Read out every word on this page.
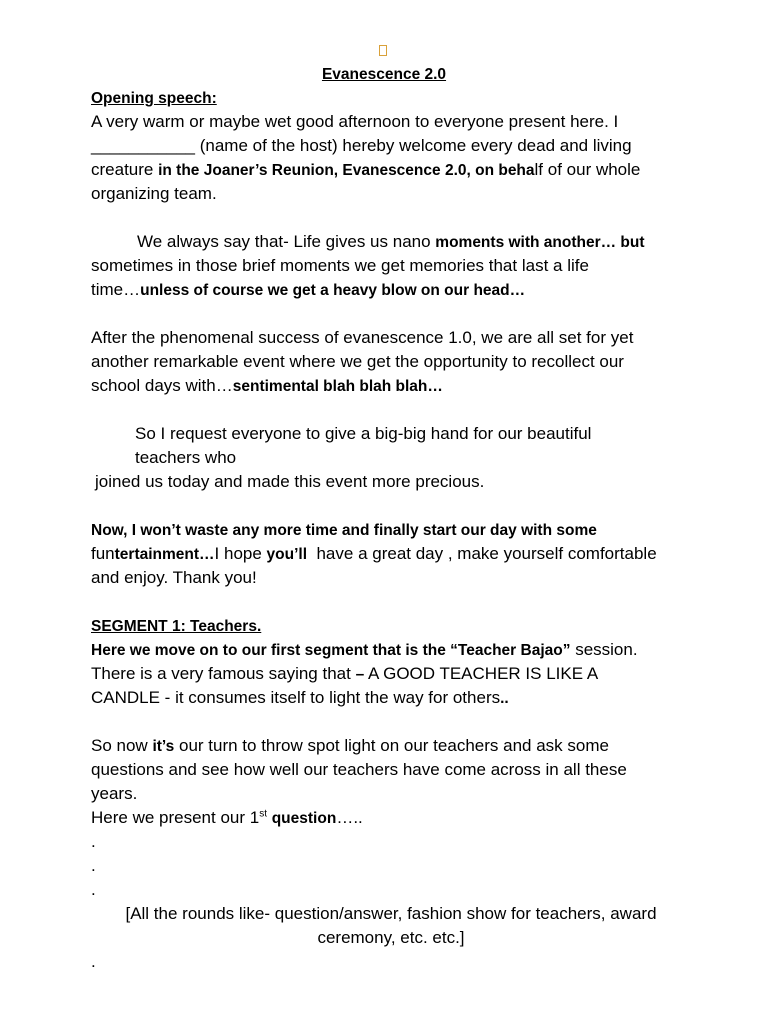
Evanescence 2.0
Opening speech:
A very warm or maybe wet good afternoon to everyone present here. I
___________ (name of the host) hereby welcome every dead and living
creature in the Joaner’s Reunion, Evanescence 2.0, on behalf of our whole
organizing team.
We always say that- Life gives us nano moments with another… but
sometimes in those brief moments we get memories that last a life
time…unless of course we get a heavy blow on our head…
After the phenomenal success of evanescence 1.0, we are all set for yet
another remarkable event where we get the opportunity to recollect our
school days with…sentimental blah blah blah…
So I request everyone to give a big-big hand for our beautiful
teachers who
joined us today and made this event more precious.
Now, I won’t waste any more time and finally start our day with some
funtertainment…I hope you’ll  have a great day , make yourself comfortable
and enjoy. Thank you!
SEGMENT 1: Teachers.
Here we move on to our first segment that is the “Teacher Bajao” session.
There is a very famous saying that – A GOOD TEACHER IS LIKE A
CANDLE - it consumes itself to light the way for others..
So now it’s our turn to throw spot light on our teachers and ask some
questions and see how well our teachers have come across in all these
years.
Here we present our 1st question…..
.
.
.
[All the rounds like- question/answer, fashion show for teachers, award
ceremony, etc. etc.]
.
